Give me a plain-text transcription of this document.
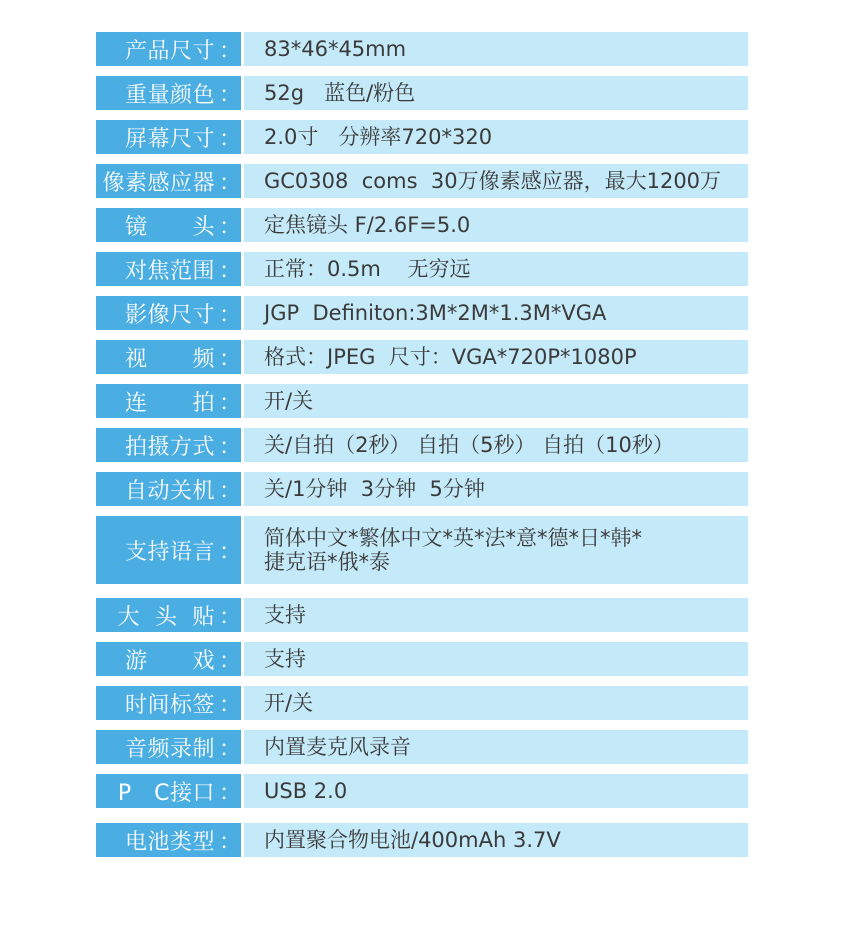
产品尺寸 ：	83*46*45mm
重量颜色 ：	52g   蓝色/粉色
屏幕尺寸 ：	2.0寸   分辨率720*320
像素感应器 ：	GC0308  coms  30万像素感应器，最大1200万
镜      头 ：	定焦镜头 F/2.6F=5.0
对焦范围 ：	正常：0.5m    无穷远
影像尺寸 ：	JGP  Definiton:3M*2M*1.3M*VGA
视      频 ：	格式：JPEG  尺寸：VGA*720P*1080P
连      拍 ：	开/关
拍摄方式 ：	关/自拍（2秒） 自拍（5秒） 自拍（10秒）
自动关机 ：	关/1分钟  3分钟  5分钟
支持语言 ：
简体中文*繁体中文*英*法*意*德*日*韩*
捷克语*俄*泰
大  头  贴 ：	支持
游      戏 ：	支持
时间标签 ：	开/关
音频录制 ：	内置麦克风录音
P   C接口 ：	USB 2.0
电池类型 ：	内置聚合物电池/400mAh 3.7V
